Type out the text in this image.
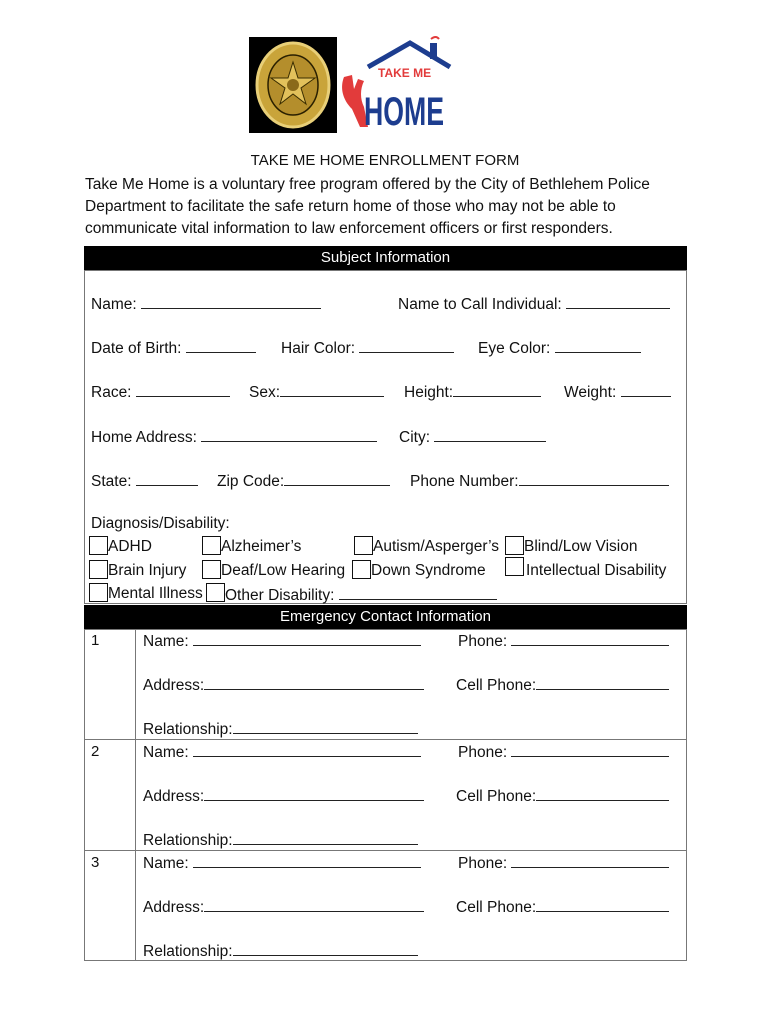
TAKE ME
HOME
TAKE ME HOME ENROLLMENT FORM
Take Me Home is a voluntary free program offered by the City of Bethlehem Police Department to facilitate the safe return home of those who may not be able to communicate vital information to law enforcement officers or first responders.
Subject Information
Name:	Name to Call Individual:
Date of Birth:	Hair Color:	Eye Color:
Race:	Sex:	Height:	Weight:
Home Address:	City:
State:	Zip Code:	Phone Number:
Diagnosis/Disability:
ADHD	Alzheimer’s	Autism/Asperger’s Blind/Low Vision
Brain Injury Deaf/Low Hearing Down Syndrome	Intellectual Disability
Mental Illness Other Disability:
Emergency Contact Information
1	Name:	Phone:
Address:	Cell Phone:
Relationship:
2	Name:	Phone:
Address:	Cell Phone:
Relationship:
3	Name:	Phone:
Address:	Cell Phone:
Relationship:
